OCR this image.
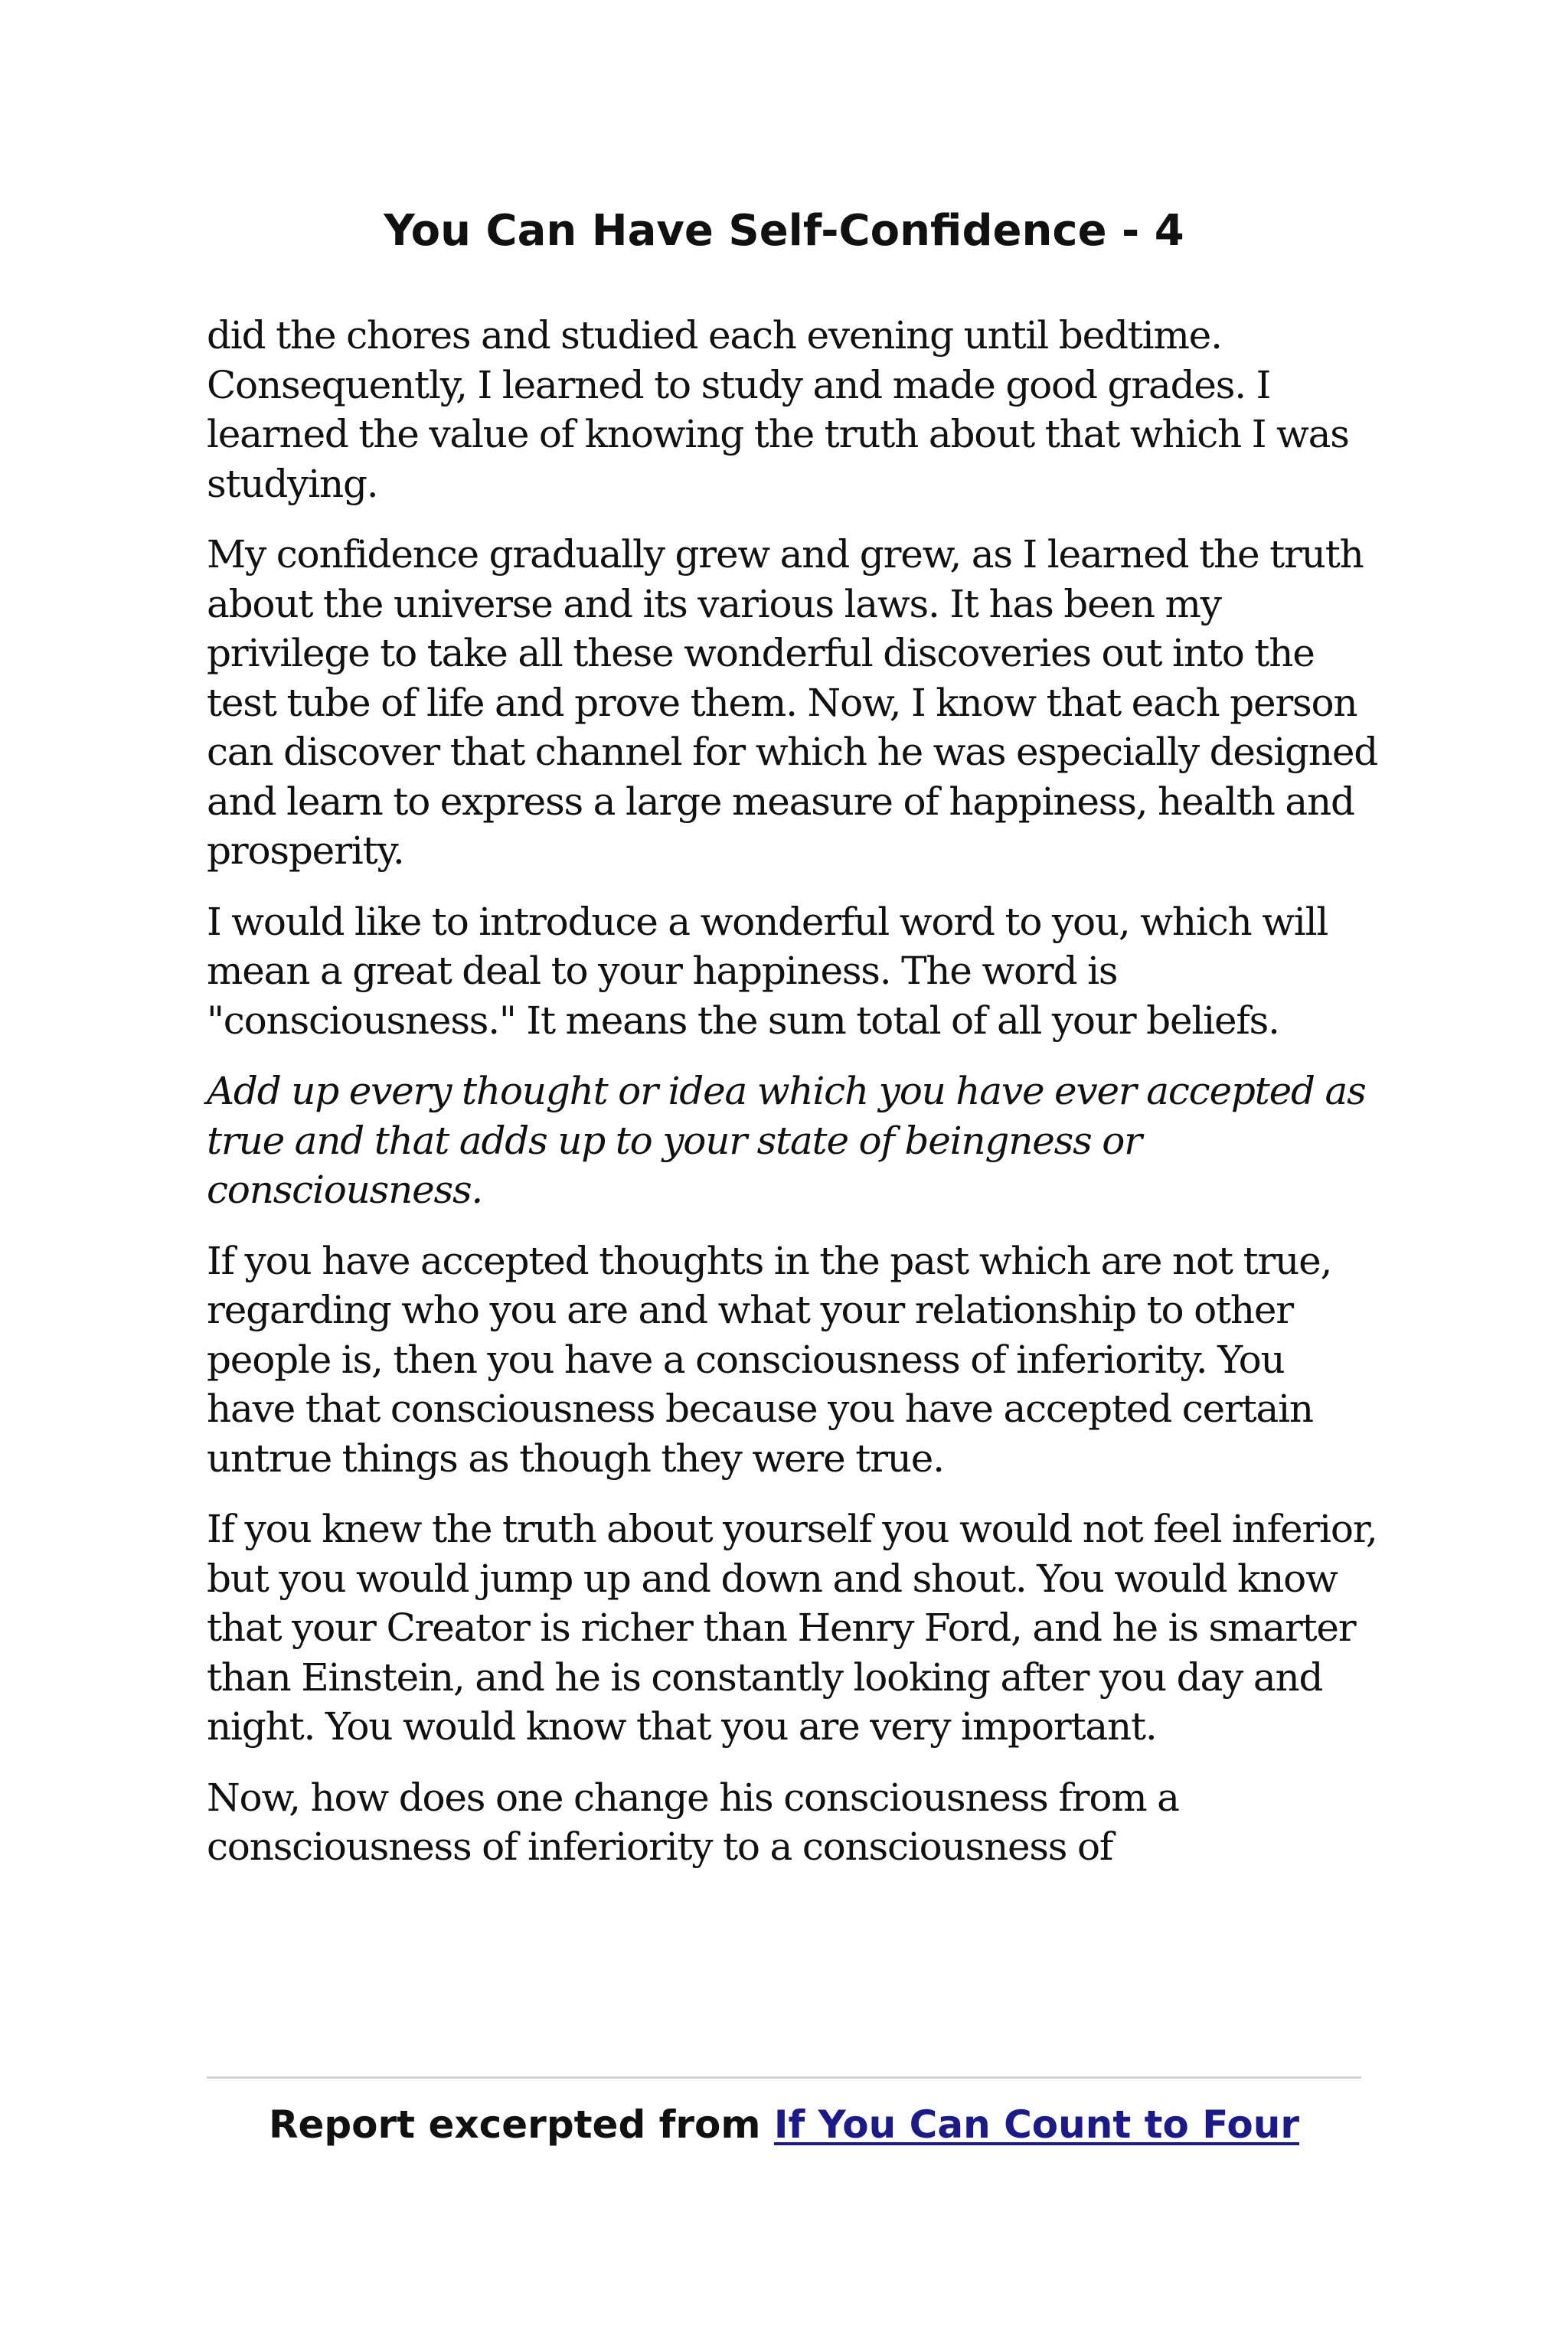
You Can Have Self-Confidence - 4

did the chores and studied each evening until bedtime. Consequently, I learned to study and made good grades. I learned the value of knowing the truth about that which I was studying.

My confidence gradually grew and grew, as I learned the truth about the universe and its various laws. It has been my privilege to take all these wonderful discoveries out into the test tube of life and prove them. Now, I know that each person can discover that channel for which he was especially designed and learn to express a large measure of happiness, health and prosperity.

I would like to introduce a wonderful word to you, which will mean a great deal to your happiness. The word is "consciousness." It means the sum total of all your beliefs.

Add up every thought or idea which you have ever accepted as true and that adds up to your state of beingness or consciousness.

If you have accepted thoughts in the past which are not true, regarding who you are and what your relationship to other people is, then you have a consciousness of inferiority. You have that consciousness because you have accepted certain untrue things as though they were true.

If you knew the truth about yourself you would not feel inferior, but you would jump up and down and shout. You would know that your Creator is richer than Henry Ford, and he is smarter than Einstein, and he is constantly looking after you day and night. You would know that you are very important.

Now, how does one change his consciousness from a consciousness of inferiority to a consciousness of

Report excerpted from If You Can Count to Four
